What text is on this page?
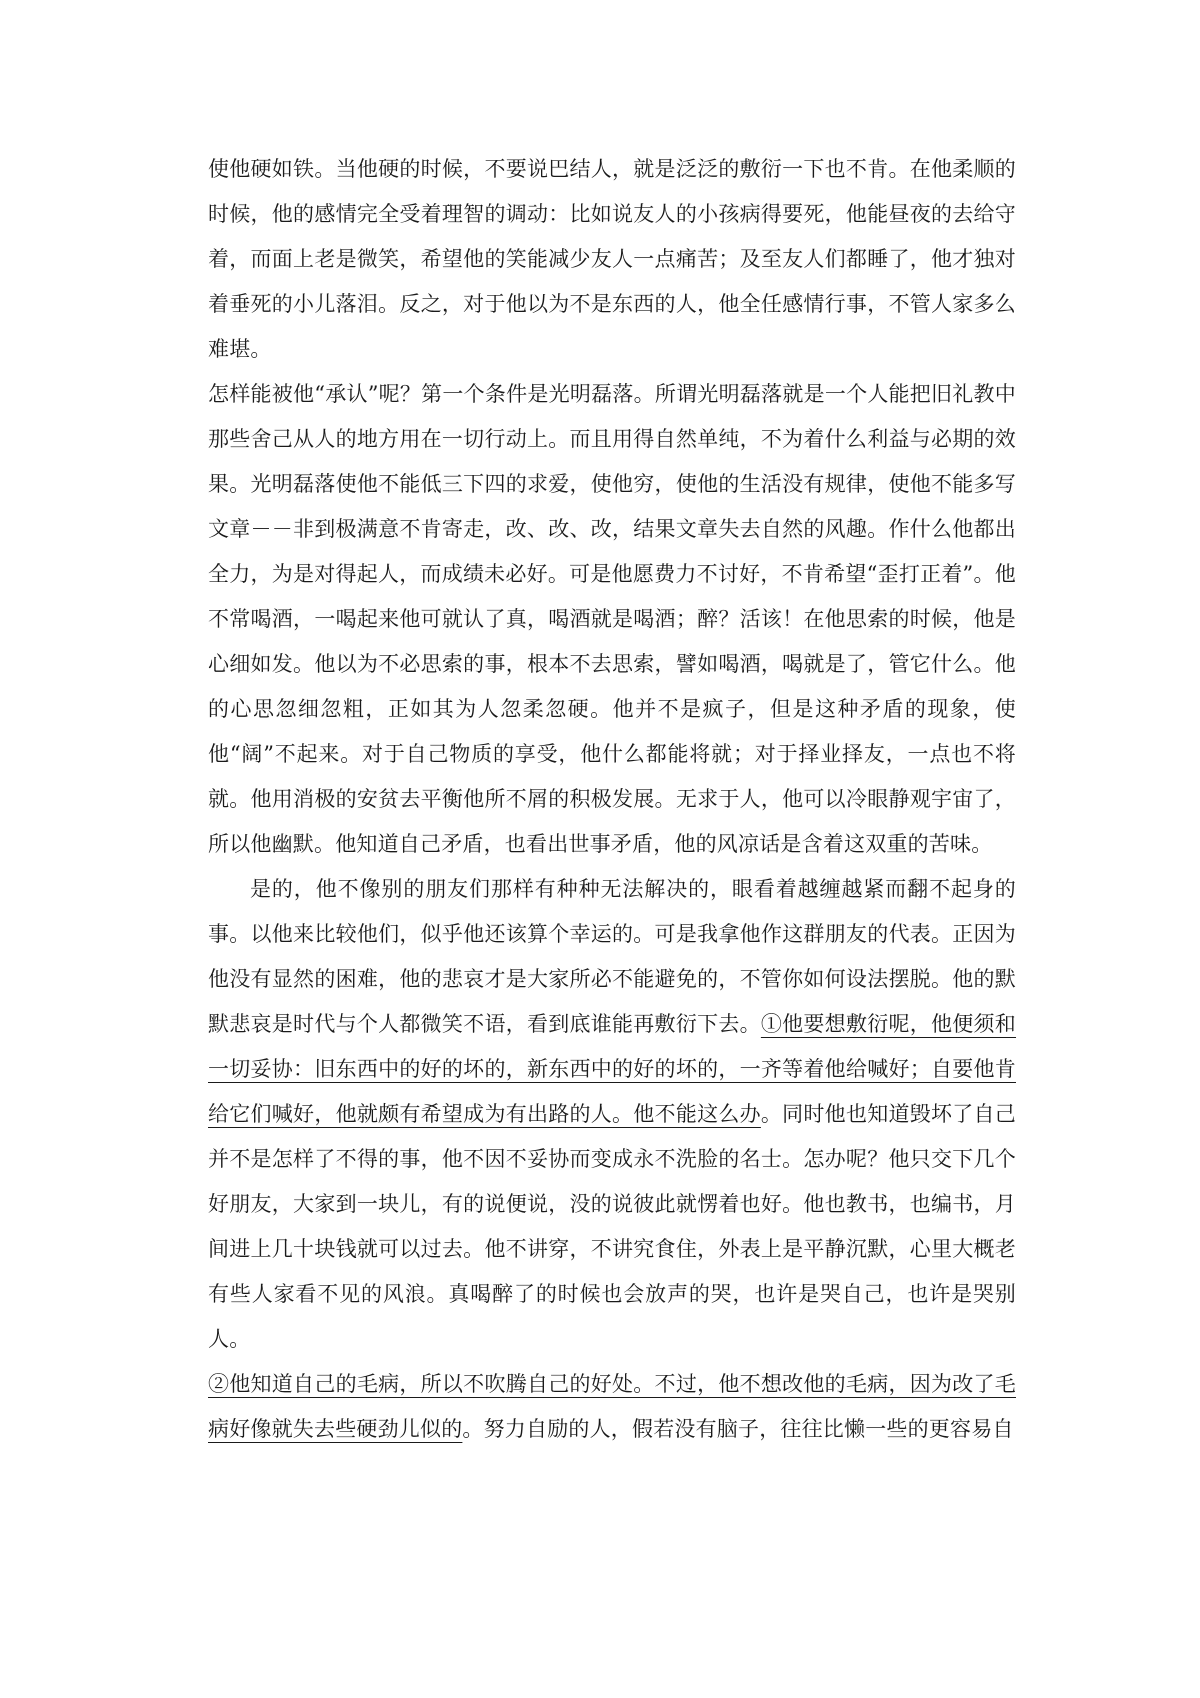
使他硬如铁。当他硬的时候，不要说巴结人，就是泛泛的敷衍一下也不肯。在他柔顺的时候，他的感情完全受着理智的调动：比如说友人的小孩病得要死，他能昼夜的去给守着，而面上老是微笑，希望他的笑能减少友人一点痛苦；及至友人们都睡了，他才独对着垂死的小儿落泪。反之，对于他以为不是东西的人，他全任感情行事，不管人家多么难堪。

怎样能被他“承认”呢？第一个条件是光明磊落。所谓光明磊落就是一个人能把旧礼教中那些舍己从人的地方用在一切行动上。而且用得自然单纯，不为着什么利益与必期的效果。光明磊落使他不能低三下四的求爱，使他穷，使他的生活没有规律，使他不能多写文章－－非到极满意不肯寄走，改、改、改，结果文章失去自然的风趣。作什么他都出全力，为是对得起人，而成绩未必好。可是他愿费力不讨好，不肯希望“歪打正着”。他不常喝酒，一喝起来他可就认了真，喝酒就是喝酒；醉？活该！在他思索的时候，他是心细如发。他以为不必思索的事，根本不去思索，譬如喝酒，喝就是了，管它什么。他的心思忽细忽粗，正如其为人忽柔忽硬。他并不是疯子，但是这种矛盾的现象，使他“阔”不起来。对于自己物质的享受，他什么都能将就；对于择业择友，一点也不将就。他用消极的安贫去平衡他所不屑的积极发展。无求于人，他可以冷眼静观宇宙了，所以他幽默。他知道自己矛盾，也看出世事矛盾，他的风凉话是含着这双重的苦味。

是的，他不像别的朋友们那样有种种无法解决的，眼看着越缠越紧而翻不起身的事。以他来比较他们，似乎他还该算个幸运的。可是我拿他作这群朋友的代表。正因为他没有显然的困难，他的悲哀才是大家所必不能避免的，不管你如何设法摆脱。他的默默悲哀是时代与个人都微笑不语，看到底谁能再敷衍下去。①他要想敷衍呢，他便须和一切妥协：旧东西中的好的坏的，新东西中的好的坏的，一齐等着他给喊好；自要他肯给它们喊好，他就颇有希望成为有出路的人。他不能这么办。同时他也知道毁坏了自己并不是怎样了不得的事，他不因不妥协而变成永不洗脸的名士。怎办呢？他只交下几个好朋友，大家到一块儿，有的说便说，没的说彼此就愣着也好。他也教书，也编书，月间进上几十块钱就可以过去。他不讲穿，不讲究食住，外表上是平静沉默，心里大概老有些人家看不见的风浪。真喝醉了的时候也会放声的哭，也许是哭自己，也许是哭别人。

②他知道自己的毛病，所以不吹腾自己的好处。不过，他不想改他的毛病，因为改了毛病好像就失去些硬劲儿似的。努力自励的人，假若没有脑子，往往比懒一些的更容易自
